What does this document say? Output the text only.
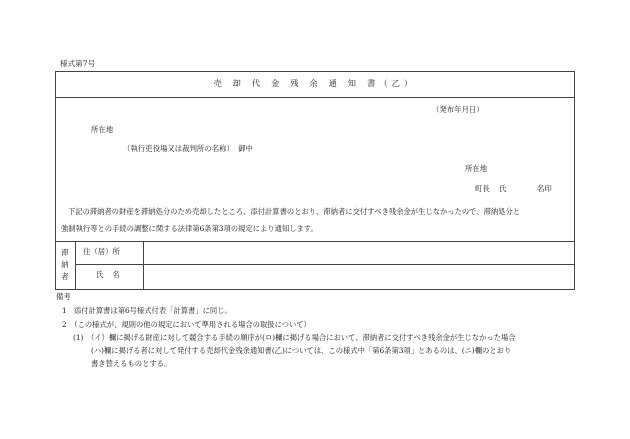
様式第7号
売 却 代 金 残 余 通 知 書（乙）
（発布年月日）
所在地
（執行吏役場又は裁判所の名称） 御中
所在地
町長 氏	名印
下記の滞納者の財産を滞納処分のため売却したところ、添付計算書のとおり、滞納者に交付すべき残余金が生じなかったので、滞納処分と
強制執行等との手続の調整に関する法律第6条第3項の規定により通知します。
滞
納
者
住（居）所
氏名
備考
1　添付計算書は第6号様式付表「計算書」に同じ。
2　（この様式が、規則の他の規定において準用される場合の取扱について）
(1)　（イ）欄に掲げる財産に対して競合する手続の順序が(ロ)欄に掲げる場合において、滞納者に交付すべき残余金が生じなかった場合
(ハ)欄に掲げる者に対して発付する売却代金残余通知書(乙)については、この様式中「第6条第3項」とあるのは、(ニ)欄のとおり
書き替えるものとする。
